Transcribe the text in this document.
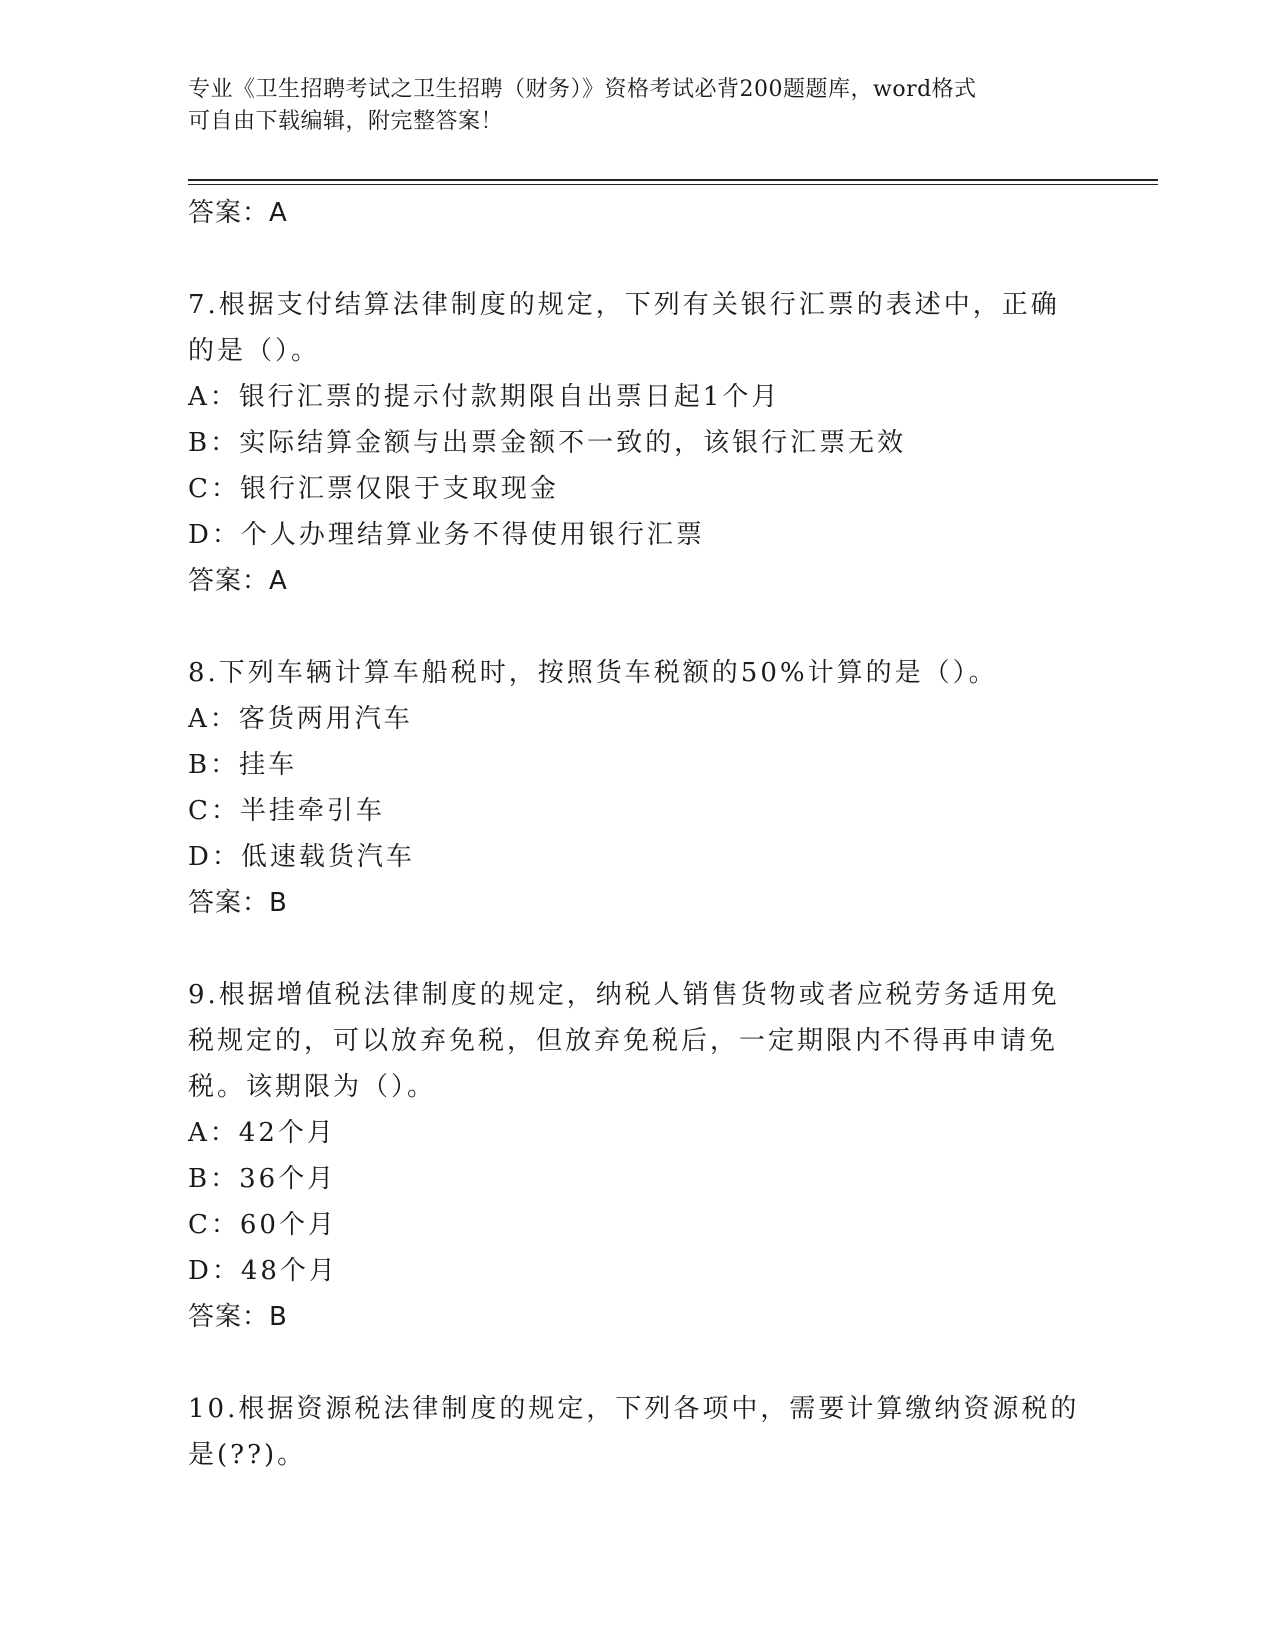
专业《卫生招聘考试之卫生招聘（财务）》资格考试必背200题题库，word格式
可自由下载编辑，附完整答案！
答案：A
7.根据支付结算法律制度的规定，下列有关银行汇票的表述中，正确
的是（）。
A：银行汇票的提示付款期限自出票日起1个月
B：实际结算金额与出票金额不一致的，该银行汇票无效
C：银行汇票仅限于支取现金
D：个人办理结算业务不得使用银行汇票
答案：A
8.下列车辆计算车船税时，按照货车税额的50%计算的是（）。
A：客货两用汽车
B：挂车
C：半挂牵引车
D：低速载货汽车
答案：B
9.根据增值税法律制度的规定，纳税人销售货物或者应税劳务适用免
税规定的，可以放弃免税，但放弃免税后，一定期限内不得再申请免
税。该期限为（）。
A：42个月
B：36个月
C：60个月
D：48个月
答案：B
10.根据资源税法律制度的规定，下列各项中，需要计算缴纳资源税的
是(??)。
